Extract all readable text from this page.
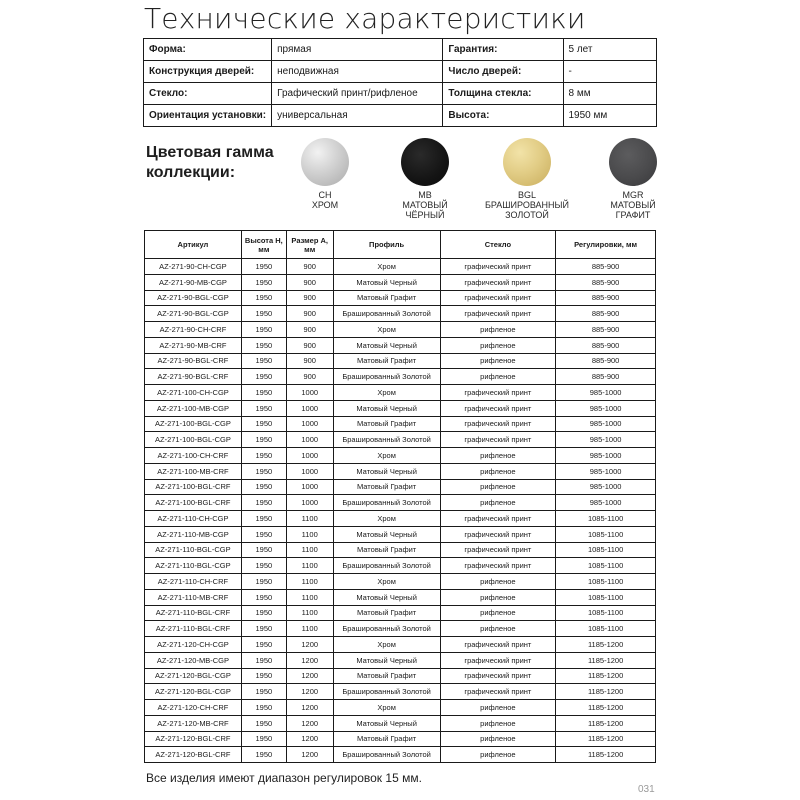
Технические характеристики
Форма:	прямая	Гарантия:	5 лет
Конструкция дверей:	неподвижная	Число дверей:	-
Стекло:	Графический принт/рифленое	Толщина стекла:	8 мм
Ориентация установки:	универсальная	Высота:	1950 мм
Цветовая гамма
коллекции:
CH
ХРОМ
MB
МАТОВЫЙ
ЧЁРНЫЙ
BGL
БРАШИРОВАННЫЙ
ЗОЛОТОЙ
MGR
МАТОВЫЙ
ГРАФИТ
Артикул	Высота Н, мм	Размер А, мм	Профиль	Стекло	Регулировки, мм
AZ-271-90-CH-CGP	1950	900	Хром	графический принт	885-900
AZ-271-90-MB-CGP	1950	900	Матовый Черный	графический принт	885-900
AZ-271-90-BGL-CGP	1950	900	Матовый Графит	графический принт	885-900
AZ-271-90-BGL-CGP	1950	900	Брашированный Золотой	графический принт	885-900
AZ-271-90-CH-CRF	1950	900	Хром	рифленое	885-900
AZ-271-90-MB-CRF	1950	900	Матовый Черный	рифленое	885-900
AZ-271-90-BGL-CRF	1950	900	Матовый Графит	рифленое	885-900
AZ-271-90-BGL-CRF	1950	900	Брашированный Золотой	рифленое	885-900
AZ-271-100-CH-CGP	1950	1000	Хром	графический принт	985-1000
AZ-271-100-MB-CGP	1950	1000	Матовый Черный	графический принт	985-1000
AZ-271-100-BGL-CGP	1950	1000	Матовый Графит	графический принт	985-1000
AZ-271-100-BGL-CGP	1950	1000	Брашированный Золотой	графический принт	985-1000
AZ-271-100-CH-CRF	1950	1000	Хром	рифленое	985-1000
AZ-271-100-MB-CRF	1950	1000	Матовый Черный	рифленое	985-1000
AZ-271-100-BGL-CRF	1950	1000	Матовый Графит	рифленое	985-1000
AZ-271-100-BGL-CRF	1950	1000	Брашированный Золотой	рифленое	985-1000
AZ-271-110-CH-CGP	1950	1100	Хром	графический принт	1085-1100
AZ-271-110-MB-CGP	1950	1100	Матовый Черный	графический принт	1085-1100
AZ-271-110-BGL-CGP	1950	1100	Матовый Графит	графический принт	1085-1100
AZ-271-110-BGL-CGP	1950	1100	Брашированный Золотой	графический принт	1085-1100
AZ-271-110-CH-CRF	1950	1100	Хром	рифленое	1085-1100
AZ-271-110-MB-CRF	1950	1100	Матовый Черный	рифленое	1085-1100
AZ-271-110-BGL-CRF	1950	1100	Матовый Графит	рифленое	1085-1100
AZ-271-110-BGL-CRF	1950	1100	Брашированный Золотой	рифленое	1085-1100
AZ-271-120-CH-CGP	1950	1200	Хром	графический принт	1185-1200
AZ-271-120-MB-CGP	1950	1200	Матовый Черный	графический принт	1185-1200
AZ-271-120-BGL-CGP	1950	1200	Матовый Графит	графический принт	1185-1200
AZ-271-120-BGL-CGP	1950	1200	Брашированный Золотой	графический принт	1185-1200
AZ-271-120-CH-CRF	1950	1200	Хром	рифленое	1185-1200
AZ-271-120-MB-CRF	1950	1200	Матовый Черный	рифленое	1185-1200
AZ-271-120-BGL-CRF	1950	1200	Матовый Графит	рифленое	1185-1200
AZ-271-120-BGL-CRF	1950	1200	Брашированный Золотой	рифленое	1185-1200
Все изделия имеют диапазон регулировок 15 мм.
031
